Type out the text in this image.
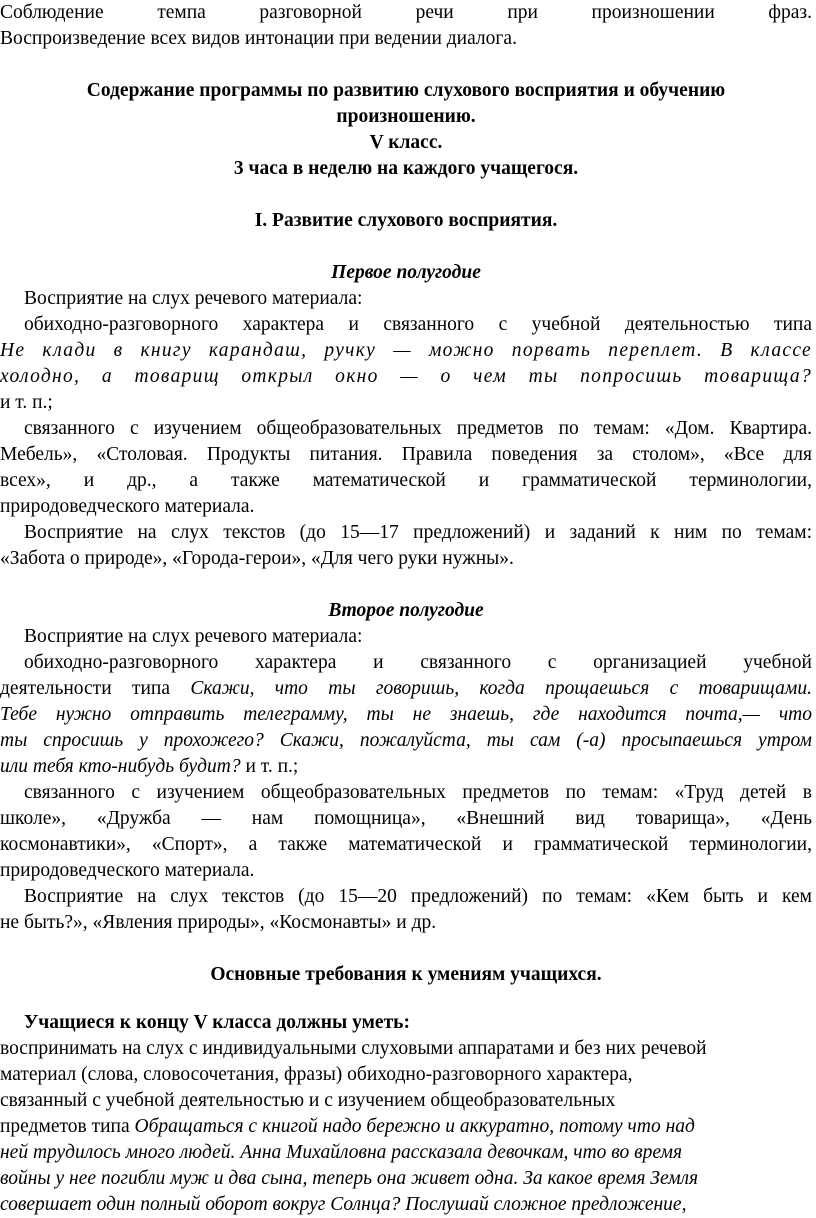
Соблюдение темпа разговорной речи при произношении фраз.

Воспроизведение всех видов интонации при ведении диалога.

Содержание программы по развитию слухового восприятия и обучению

произношению.

V класс.

3 часа в неделю на каждого учащегося.

I. Развитие слухового восприятия.

Первое полугодие

Восприятие на слух речевого материала:

обиходно-разговорного характера и связанного с учебной деятельностью типа

Не клади в книгу карандаш, ручку — можно порвать переплет. В классе

холодно, а товарищ открыл окно — о чем ты попросишь товарища?

и т. п.;

связанного с изучением общеобразовательных предметов по темам: «Дом. Квартира.

Мебель», «Столовая. Продукты питания. Правила поведения за столом», «Все для

всех», и др., а также математической и грамматической терминологии,

природоведческого материала.

Восприятие на слух текстов (до 15—17 предложений) и заданий к ним по темам:

«Забота о природе», «Города-герои», «Для чего руки нужны».

Второе полугодие

Восприятие на слух речевого материала:

обиходно-разговорного характера и связанного с организацией учебной

деятельности типа Скажи, что ты говоришь, когда прощаешься с товарищами.

Тебе нужно отправить телеграмму, ты не знаешь, где находится почта,— что

ты спросишь у прохожего? Скажи, пожалуйста, ты сам (-а) просыпаешься утром

или тебя кто-нибудь будит? и т. п.;

связанного с изучением общеобразовательных предметов по темам: «Труд детей в

школе», «Дружба — нам помощница», «Внешний вид товарища», «День

космонавтики», «Спорт», а также математической и грамматической терминологии,

природоведческого материала.

Восприятие на слух текстов (до 15—20 предложений) по темам: «Кем быть и кем

не быть?», «Явления природы», «Космонавты» и др.

Основные требования к умениям учащихся.

Учащиеся к концу V класса должны уметь:

воспринимать на слух с индивидуальными слуховыми аппаратами и без них речевой

материал (слова, словосочетания, фразы) обиходно-разговорного характера,

связанный с учебной деятельностью и с изучением общеобразовательных

предметов типа Обращаться с книгой надо бережно и аккуратно, потому что над

ней трудилось много людей. Анна Михайловна рассказала девочкам, что во время

войны у нее погибли муж и два сына, теперь она живет одна. За какое время Земля

совершает один полный оборот вокруг Солнца? Послушай сложное предложение,
